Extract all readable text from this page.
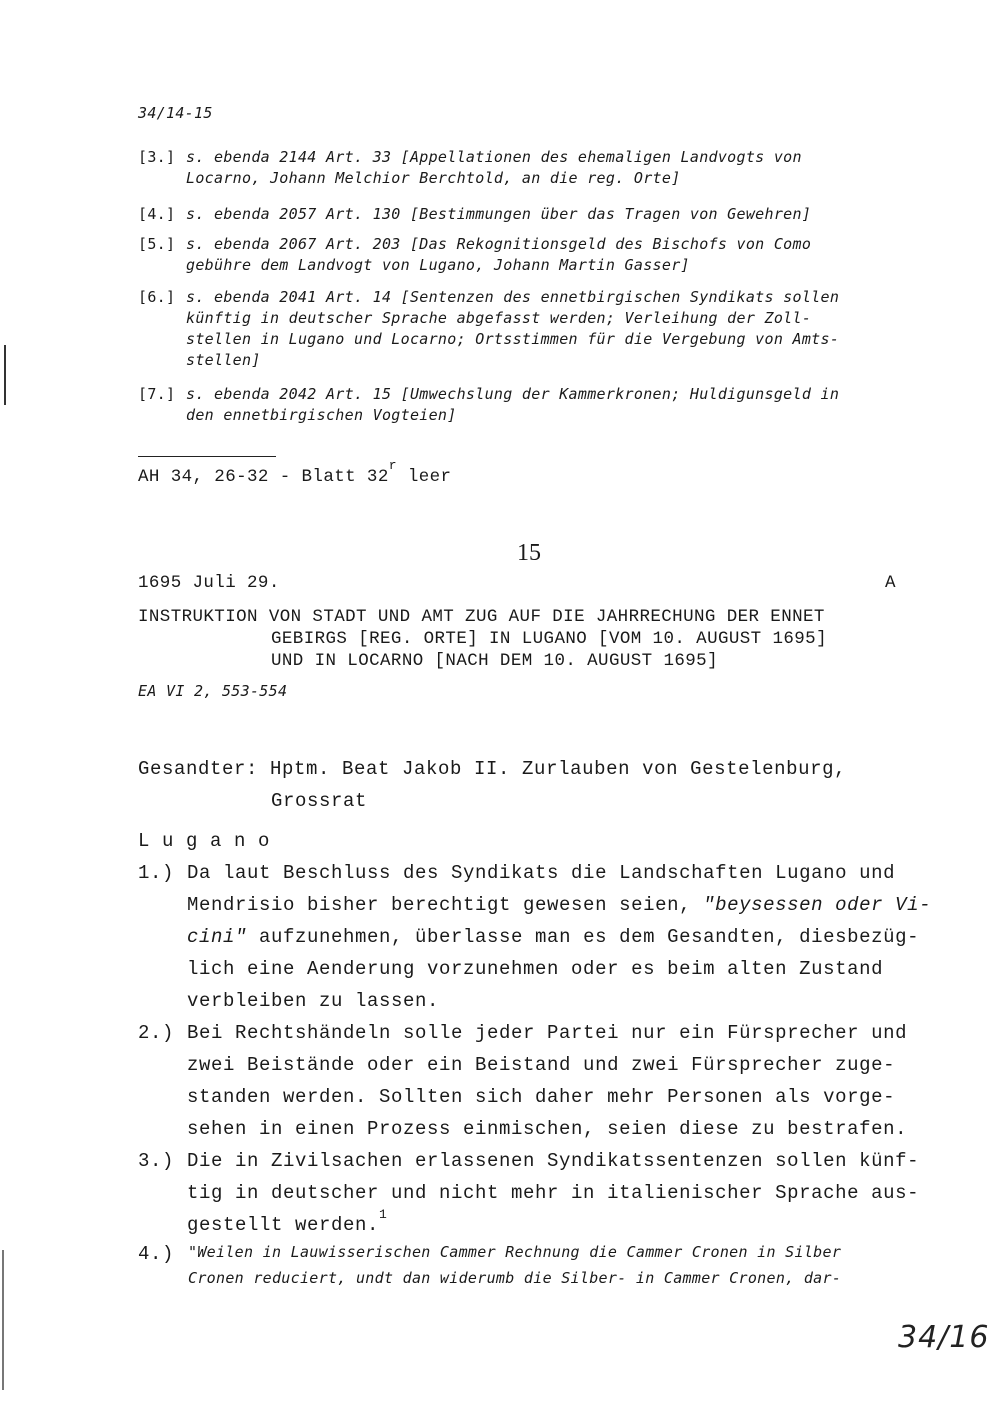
34/14-15
[3.] s. ebenda 2144 Art. 33 [Appellationen des ehemaligen Landvogts von
Locarno, Johann Melchior Berchtold, an die reg. Orte]
[4.] s. ebenda 2057 Art. 130 [Bestimmungen über das Tragen von Gewehren]
[5.] s. ebenda 2067 Art. 203 [Das Rekognitionsgeld des Bischofs von Como
gebühre dem Landvogt von Lugano, Johann Martin Gasser]
[6.] s. ebenda 2041 Art. 14 [Sentenzen des ennetbirgischen Syndikats sollen
künftig in deutscher Sprache abgefasst werden; Verleihung der Zoll-
stellen in Lugano und Locarno; Ortsstimmen für die Vergebung von Amts-
stellen]
[7.] s. ebenda 2042 Art. 15 [Umwechslung der Kammerkronen; Huldigunsgeld in
den ennetbirgischen Vogteien]
AH 34, 26-32 - Blatt 32$^r$ leer
15
1695 Juli 29.	A
INSTRUKTION VON STADT UND AMT ZUG AUF DIE JAHRRECHUNG DER ENNET
GEBIRGS [REG. ORTE] IN LUGANO [VOM 10. AUGUST 1695]
UND IN LOCARNO [NACH DEM 10. AUGUST 1695]
EA VI 2, 553-554
Gesandter: Hptm. Beat Jakob II. Zurlauben von Gestelenburg,
Grossrat
L u g a n o
1.) Da laut Beschluss des Syndikats die Landschaften Lugano und
Mendrisio bisher berechtigt gewesen seien, "beysessen oder Vi-
cini" aufzunehmen, überlasse man es dem Gesandten, diesbezüg-
lich eine Aenderung vorzunehmen oder es beim alten Zustand
verbleiben zu lassen.
2.) Bei Rechtshändeln solle jeder Partei nur ein Fürsprecher und
zwei Beistände oder ein Beistand und zwei Fürsprecher zuge-
standen werden. Sollten sich daher mehr Personen als vorge-
sehen in einen Prozess einmischen, seien diese zu bestrafen.
3.) Die in Zivilsachen erlassenen Syndikatssentenzen sollen künf-
tig in deutscher und nicht mehr in italienischer Sprache aus-
gestellt werden.$^1$
4.) "Weilen in Lauwisserischen Cammer Rechnung die Cammer Cronen in Silber
Cronen reduciert, undt dan widerumb die Silber- in Cammer Cronen, dar-
34/16
